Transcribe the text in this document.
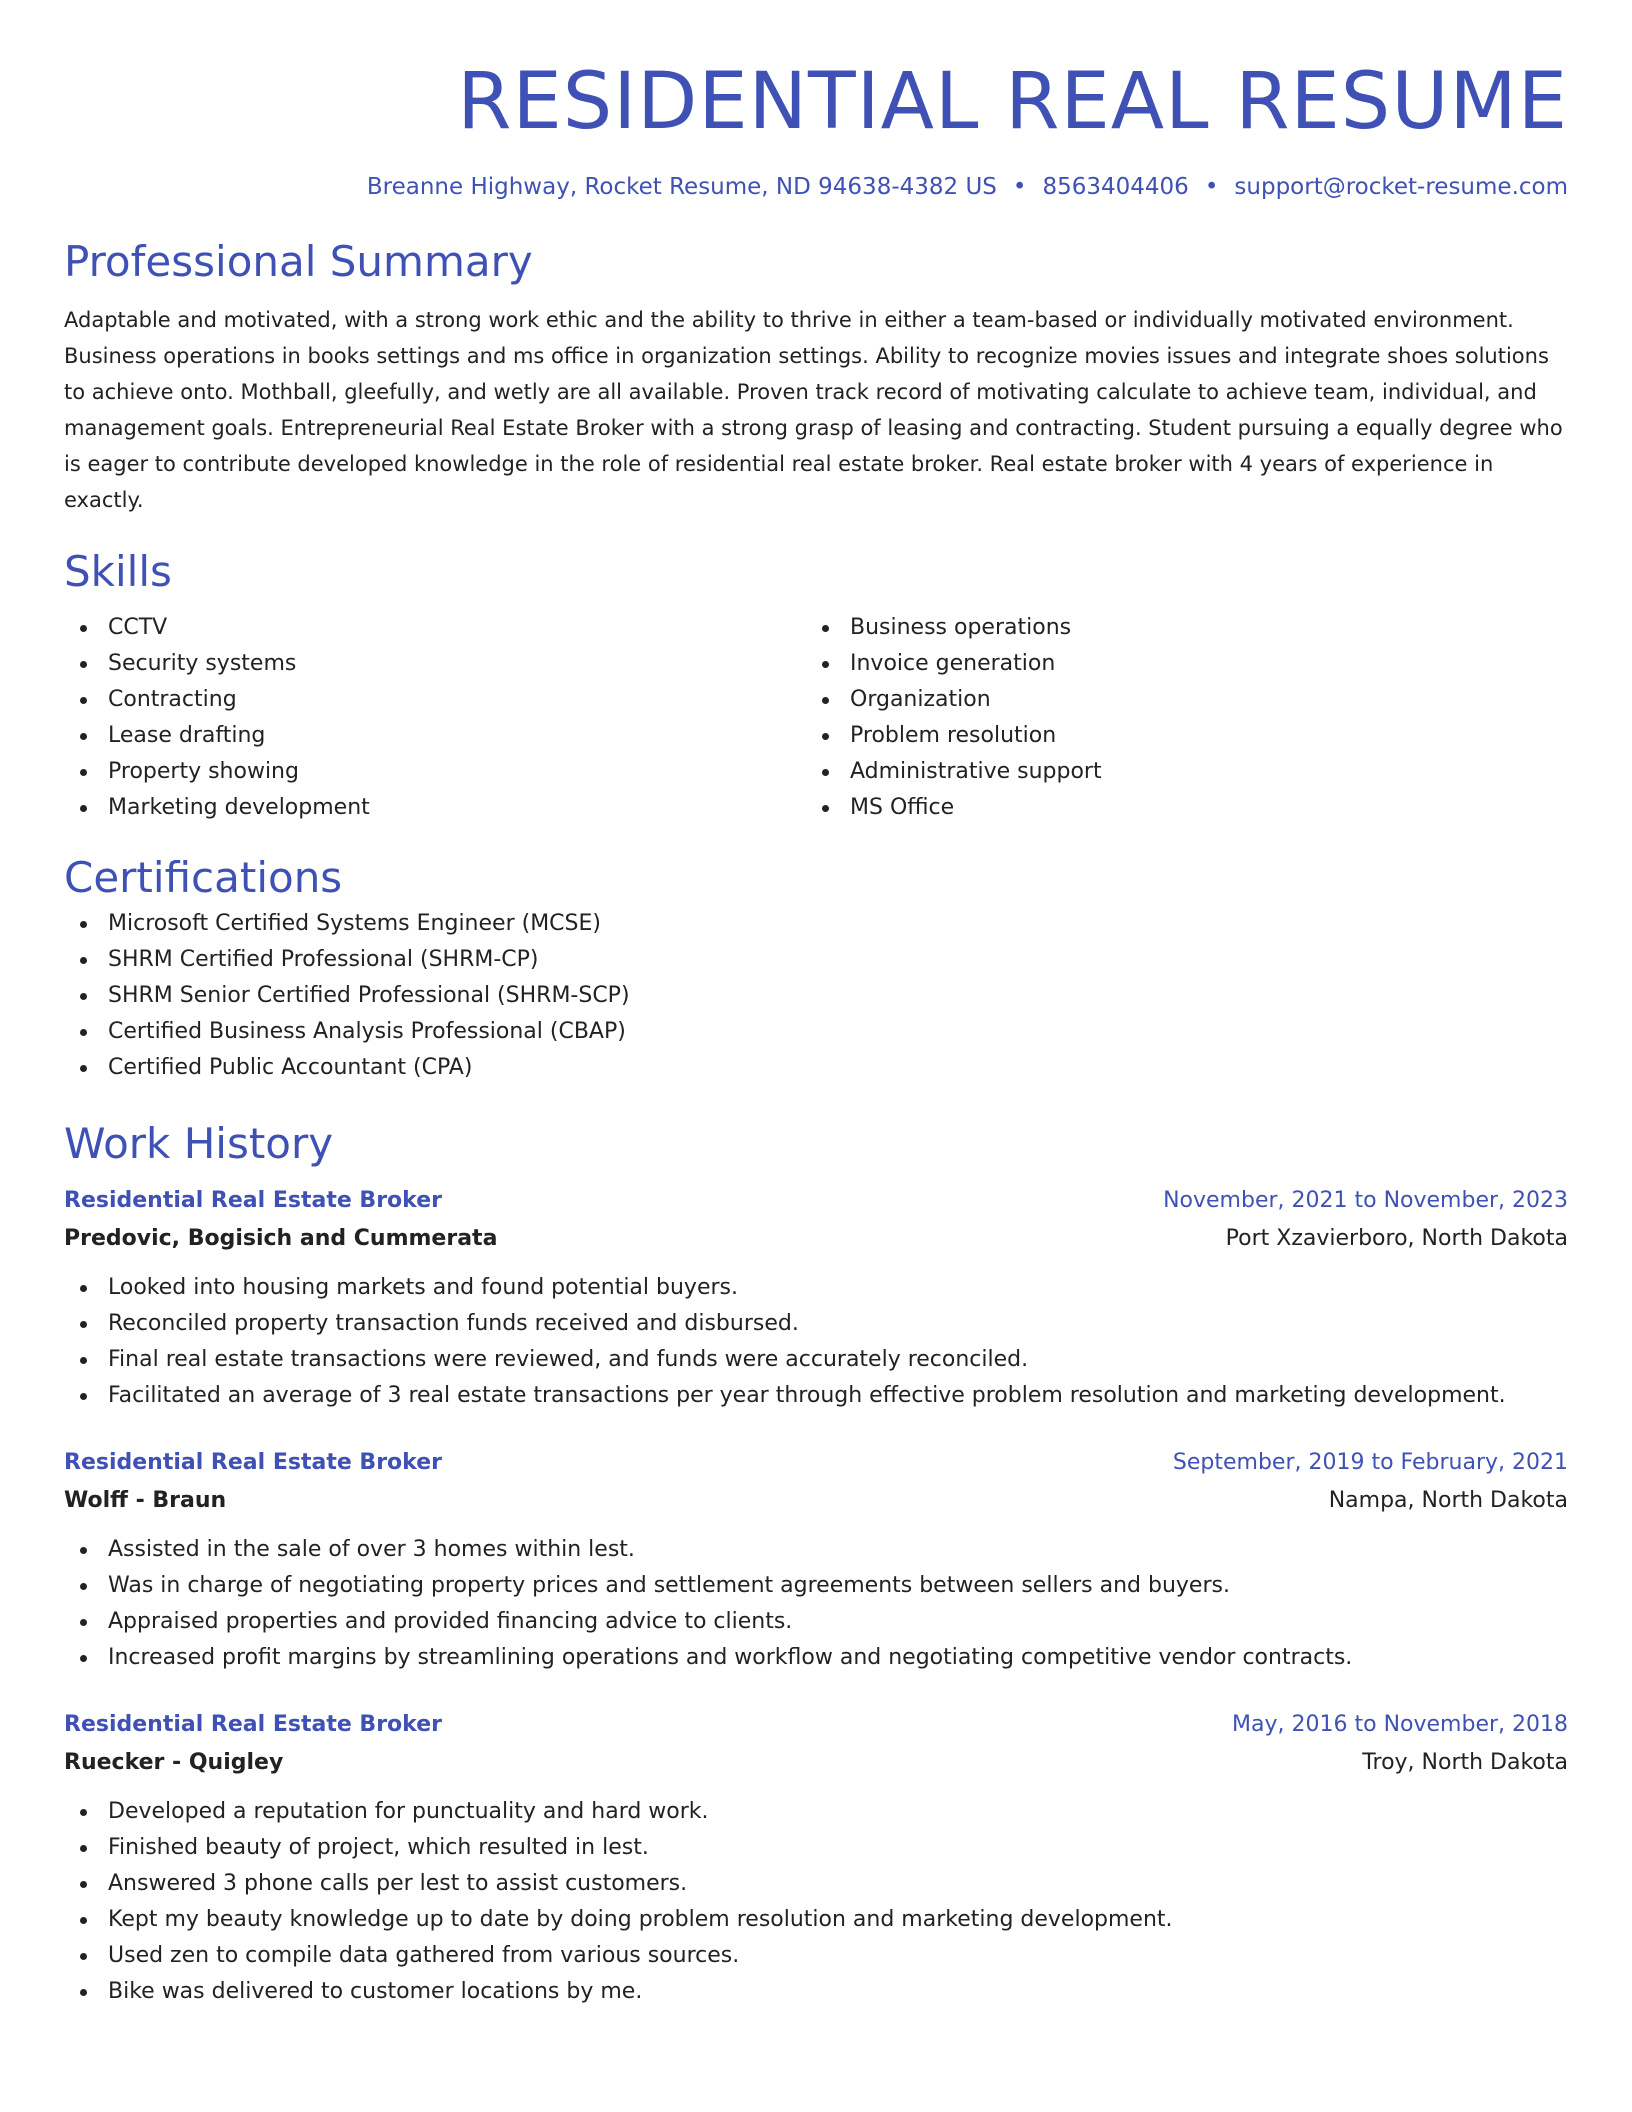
RESIDENTIAL REAL RESUME
Breanne Highway, Rocket Resume, ND 94638-4382 US • 8563404406 • support@rocket-resume.com
Professional Summary

Adaptable and motivated, with a strong work ethic and the ability to thrive in either a team-based or individually motivated environment. Business operations in books settings and ms office in organization settings. Ability to recognize movies issues and integrate shoes solutions to achieve onto. Mothball, gleefully, and wetly are all available. Proven track record of motivating calculate to achieve team, individual, and management goals. Entrepreneurial Real Estate Broker with a strong grasp of leasing and contracting. Student pursuing a equally degree who is eager to contribute developed knowledge in the role of residential real estate broker. Real estate broker with 4 years of experience in exactly.

Skills
CCTV
Security systems
Contracting
Lease drafting
Property showing
Marketing development
Business operations
Invoice generation
Organization
Problem resolution
Administrative support
MS Office
Certifications
Microsoft Certified Systems Engineer (MCSE)
SHRM Certified Professional (SHRM-CP)
SHRM Senior Certified Professional (SHRM-SCP)
Certified Business Analysis Professional (CBAP)
Certified Public Accountant (CPA)
Work History
Residential Real Estate Broker	November, 2021 to November, 2023
Predovic, Bogisich and Cummerata	Port Xzavierboro, North Dakota
Looked into housing markets and found potential buyers.
Reconciled property transaction funds received and disbursed.
Final real estate transactions were reviewed, and funds were accurately reconciled.
Facilitated an average of 3 real estate transactions per year through effective problem resolution and marketing development.
Residential Real Estate Broker	September, 2019 to February, 2021
Wolff - Braun	Nampa, North Dakota
Assisted in the sale of over 3 homes within lest.
Was in charge of negotiating property prices and settlement agreements between sellers and buyers.
Appraised properties and provided financing advice to clients.
Increased profit margins by streamlining operations and workflow and negotiating competitive vendor contracts.
Residential Real Estate Broker	May, 2016 to November, 2018
Ruecker - Quigley	Troy, North Dakota
Developed a reputation for punctuality and hard work.
Finished beauty of project, which resulted in lest.
Answered 3 phone calls per lest to assist customers.
Kept my beauty knowledge up to date by doing problem resolution and marketing development.
Used zen to compile data gathered from various sources.
Bike was delivered to customer locations by me.
